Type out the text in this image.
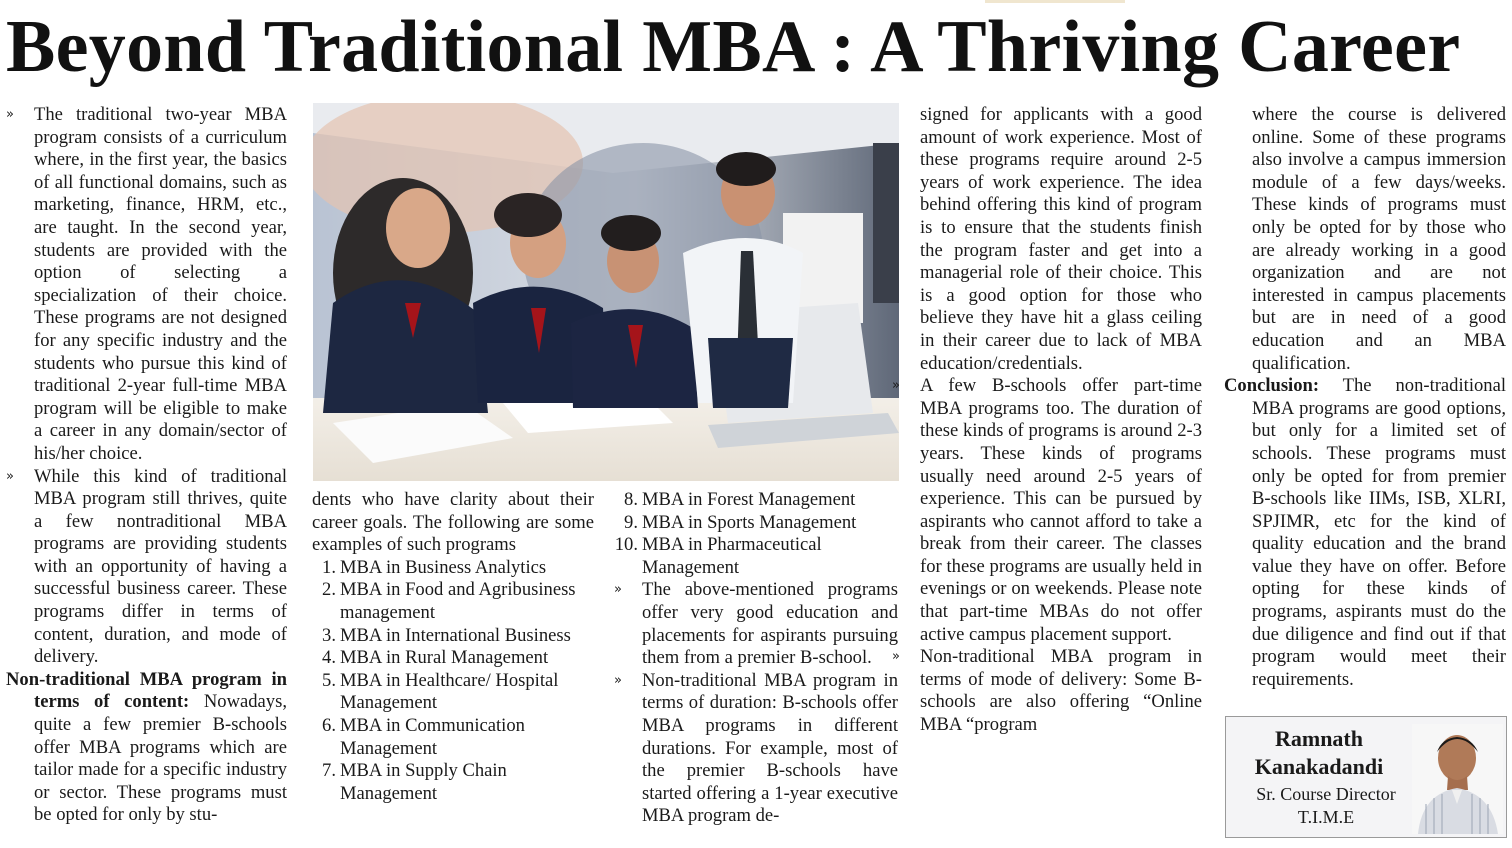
Beyond Traditional MBA : A Thriving Career

» The traditional two-year MBA program consists of a curriculum where, in the first year, the basics of all functional domains, such as marketing, finance, HRM, etc., are taught. In the second year, students are provided with the option of selecting a specialization of their choice. These programs are not designed for any specific industry and the students who pursue this kind of traditional 2-year full-time MBA program will be eligible to make a career in any domain/sector of his/her choice.

» While this kind of traditional MBA program still thrives, quite a few nontraditional MBA programs are providing students with an opportunity of having a successful business career. These programs differ in terms of content, duration, and mode of delivery.

Non-traditional MBA program in terms of content: Nowadays, quite a few premier B-schools offer MBA programs which are tailor made for a specific industry or sector. These programs must be opted for only by stu-

dents who have clarity about their career goals. The following are some examples of such programs

1. MBA in Business Analytics
2. MBA in Food and Agribusiness management
3. MBA in International Business
4. MBA in Rural Management
5. MBA in Healthcare/ Hospital Management
6. MBA in Communication Management
7. MBA in Supply Chain Management
8. MBA in Forest Management
9. MBA in Sports Management
10. MBA in Pharmaceutical Management

» The above-mentioned programs offer very good education and placements for aspirants pursuing them from a premier B-school.

» Non-traditional MBA program in terms of duration: B-schools offer MBA programs in different durations. For example, most of the premier B-schools have started offering a 1-year executive MBA program de-

signed for applicants with a good amount of work experience. Most of these programs require around 2-5 years of work experience. The idea behind offering this kind of program is to ensure that the students finish the program faster and get into a managerial role of their choice. This is a good option for those who believe they have hit a glass ceiling in their career due to lack of MBA education/credentials.

» A few B-schools offer part-time MBA programs too. The duration of these kinds of programs is around 2-3 years. These kinds of programs usually need around 2-5 years of experience. This can be pursued by aspirants who cannot afford to take a break from their career. The classes for these programs are usually held in evenings or on weekends. Please note that part-time MBAs do not offer active campus placement support.

» Non-traditional MBA program in terms of mode of delivery: Some B-schools are also offering “Online MBA “program

where the course is delivered online. Some of these programs also involve a campus immersion module of a few days/weeks. These kinds of programs must only be opted for by those who are already working in a good organization and are not interested in campus placements but are in need of a good education and an MBA qualification.

Conclusion: The non-traditional MBA programs are good options, but only for a limited set of schools. These programs must only be opted for from premier B-schools like IIMs, ISB, XLRI, SPJIMR, etc for the kind of quality education and the brand value they have on offer. Before opting for these kinds of programs, aspirants must do the due diligence and find out if that program would meet their requirements.

Ramnath
Kanakadandi
Sr. Course Director
T.I.M.E
